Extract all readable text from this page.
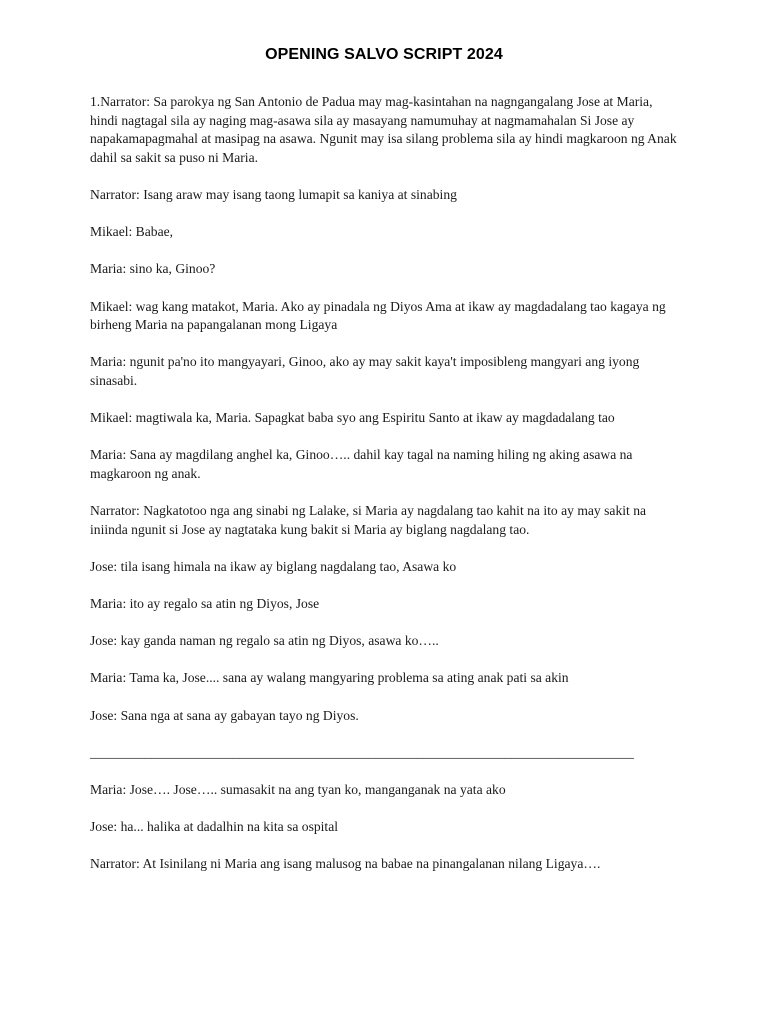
OPENING SALVO SCRIPT 2024

1.Narrator: Sa parokya ng San Antonio de Padua may mag-kasintahan na nagngangalang Jose at Maria, hindi nagtagal sila ay naging mag-asawa sila ay masayang namumuhay at nagmamahalan Si Jose ay napakamapagmahal at masipag na asawa. Ngunit may isa silang problema sila ay hindi magkaroon ng Anak dahil sa sakit sa puso ni Maria.

Narrator: Isang araw may isang taong lumapit sa kaniya at sinabing

Mikael: Babae,

Maria: sino ka, Ginoo?

Mikael: wag kang matakot, Maria. Ako ay pinadala ng Diyos Ama at ikaw ay magdadalang tao kagaya ng birheng Maria na papangalanan mong Ligaya

Maria: ngunit pa'no ito mangyayari, Ginoo, ako ay may sakit kaya't imposibleng mangyari ang iyong sinasabi.

Mikael: magtiwala ka, Maria. Sapagkat baba syo ang Espiritu Santo at ikaw ay magdadalang tao

Maria: Sana ay magdilang anghel ka, Ginoo….. dahil kay tagal na naming hiling ng aking asawa na magkaroon ng anak.

Narrator: Nagkatotoo nga ang sinabi ng Lalake, si Maria ay nagdalang tao kahit na ito ay may sakit na iniinda ngunit si Jose ay nagtataka kung bakit si Maria ay biglang nagdalang tao.

Jose: tila isang himala na ikaw ay biglang nagdalang tao, Asawa ko

Maria: ito ay regalo sa atin ng Diyos, Jose

Jose: kay ganda naman ng regalo sa atin ng Diyos, asawa ko…..

Maria: Tama ka, Jose.... sana ay walang mangyaring problema sa ating anak pati sa akin

Jose: Sana nga at sana ay gabayan tayo ng Diyos.

________________________________________________________________________________

Maria: Jose…. Jose….. sumasakit na ang tyan ko, manganganak na yata ako

Jose: ha... halika at dadalhin na kita sa ospital

Narrator: At Isinilang ni Maria ang isang malusog na babae na pinangalanan nilang Ligaya….
